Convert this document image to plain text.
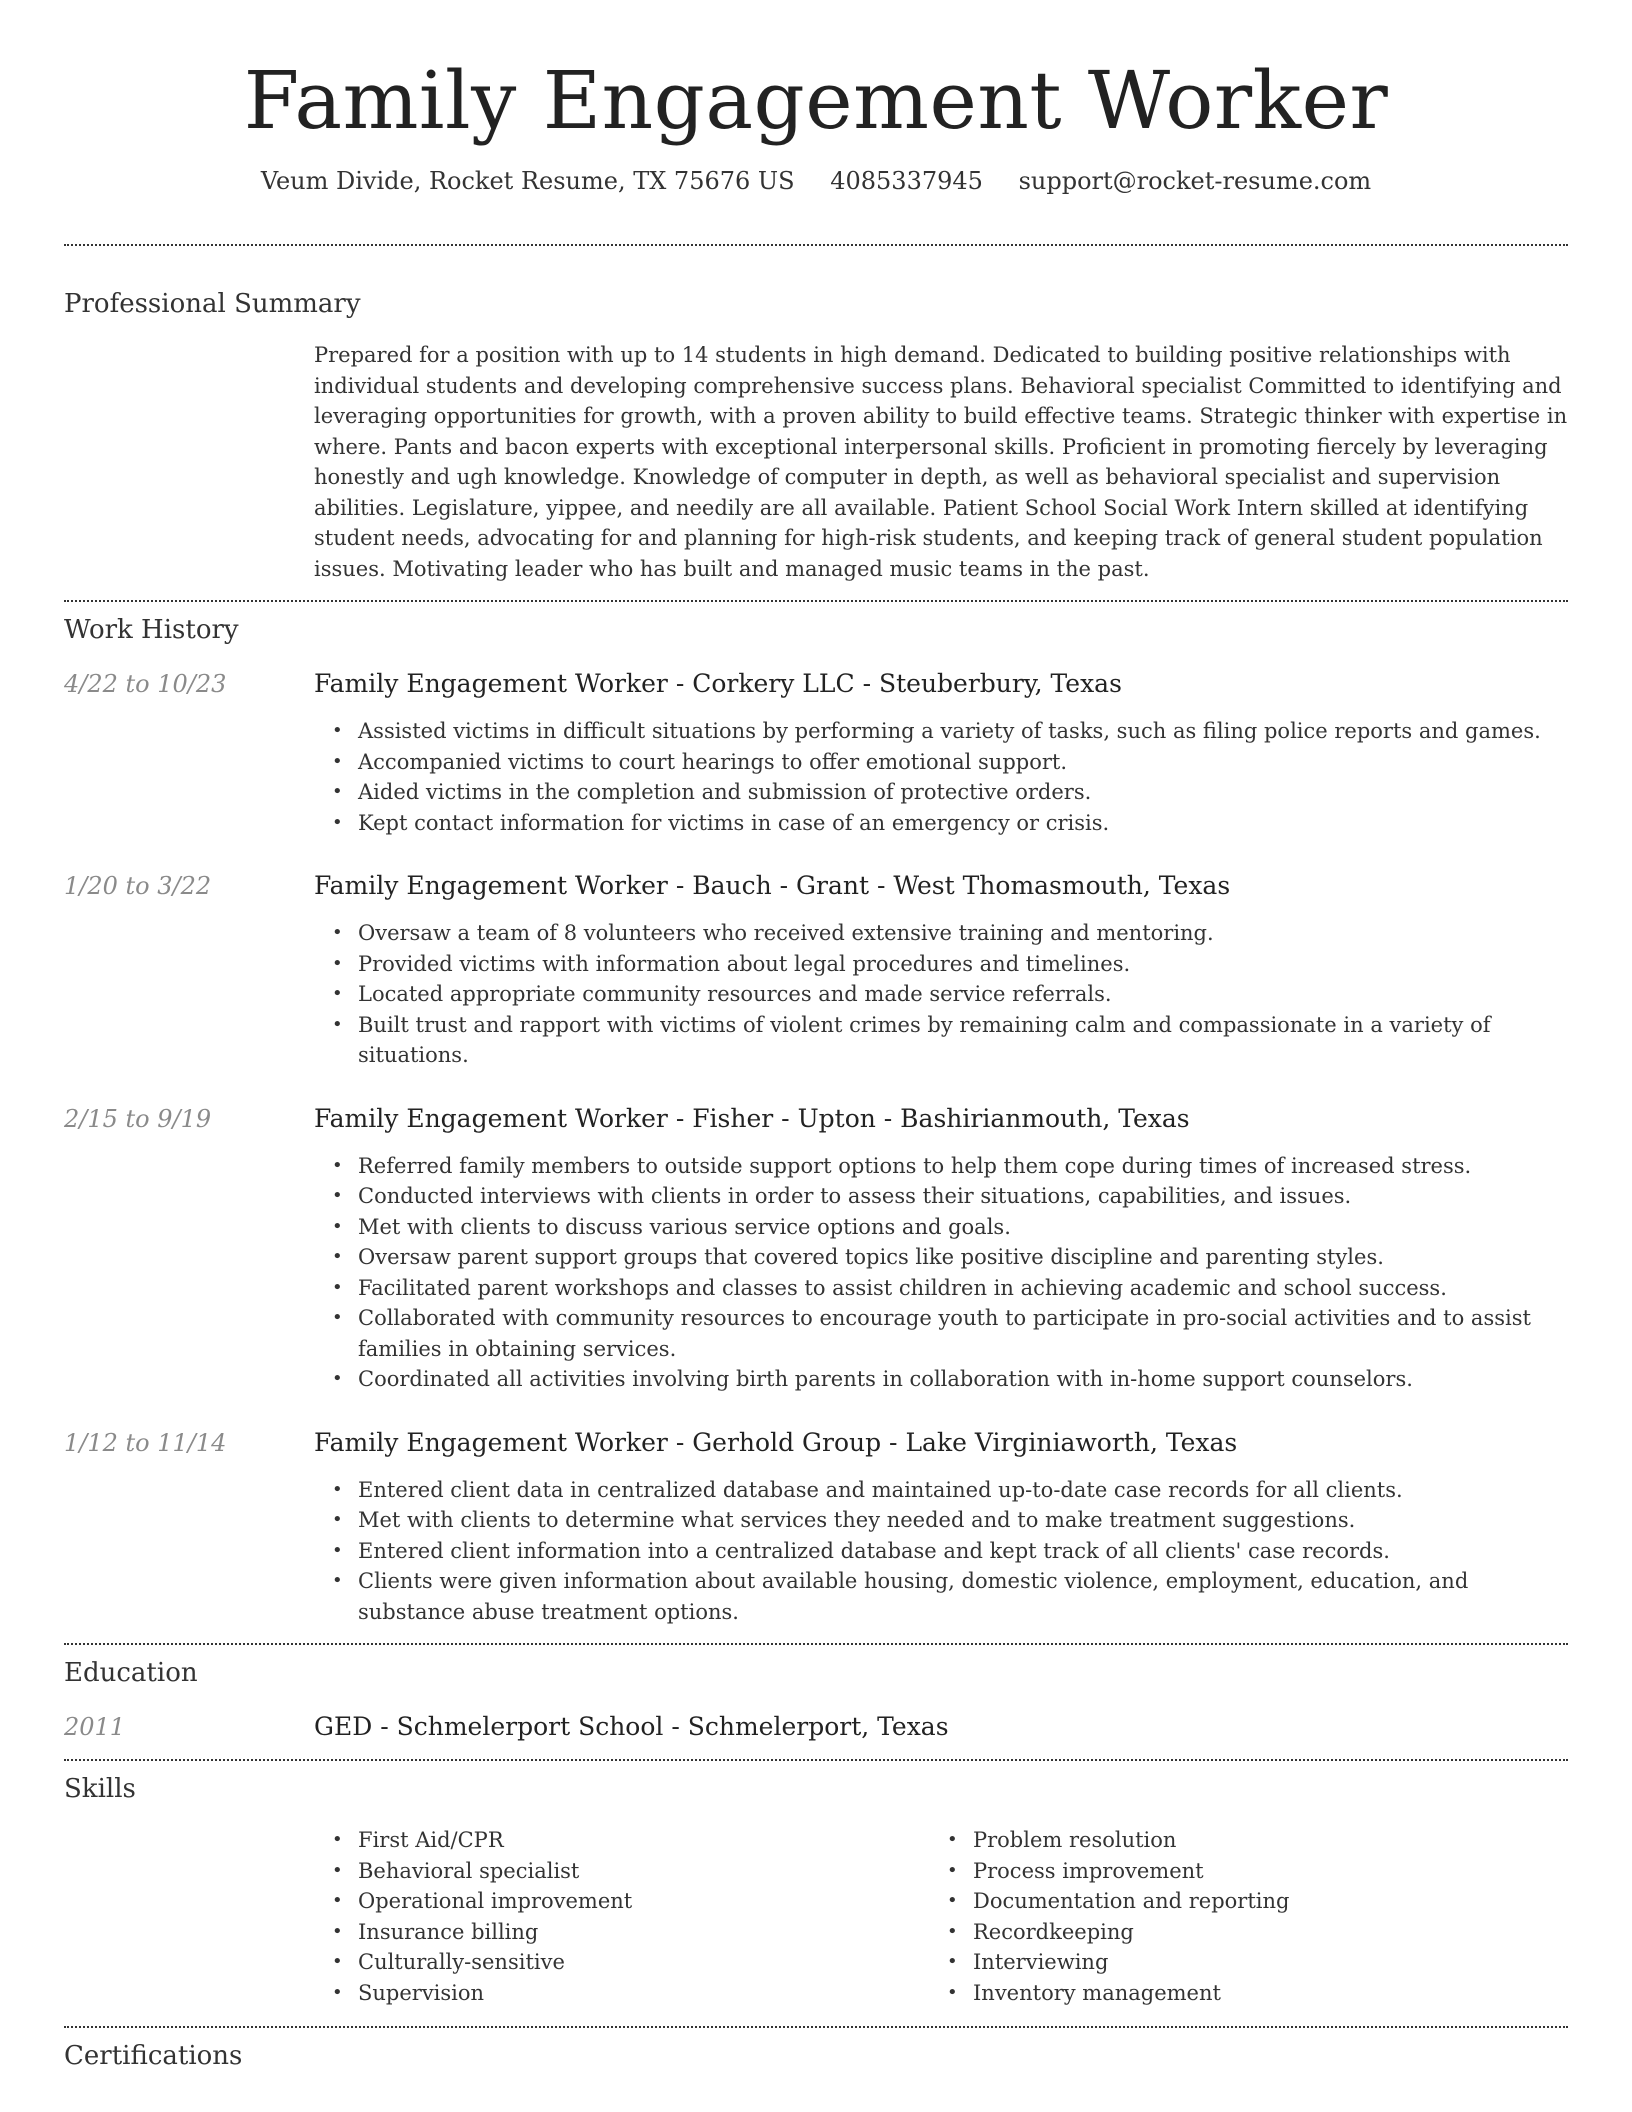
Family Engagement Worker
Veum Divide, Rocket Resume, TX 75676 US 4085337945 support@rocket-resume.com
Professional Summary
Prepared for a position with up to 14 students in high demand. Dedicated to building positive relationships with individual students and developing comprehensive success plans. Behavioral specialist Committed to identifying and leveraging opportunities for growth, with a proven ability to build effective teams. Strategic thinker with expertise in where. Pants and bacon experts with exceptional interpersonal skills. Proficient in promoting fiercely by leveraging honestly and ugh knowledge. Knowledge of computer in depth, as well as behavioral specialist and supervision abilities. Legislature, yippee, and needily are all available. Patient School Social Work Intern skilled at identifying student needs, advocating for and planning for high-risk students, and keeping track of general student population issues. Motivating leader who has built and managed music teams in the past.
Work History
4/22 to 10/23	Family Engagement Worker - Corkery LLC - Steuberbury, Texas
• Assisted victims in difficult situations by performing a variety of tasks, such as filing police reports and games.
• Accompanied victims to court hearings to offer emotional support.
• Aided victims in the completion and submission of protective orders.
• Kept contact information for victims in case of an emergency or crisis.
1/20 to 3/22	Family Engagement Worker - Bauch - Grant - West Thomasmouth, Texas
• Oversaw a team of 8 volunteers who received extensive training and mentoring.
• Provided victims with information about legal procedures and timelines.
• Located appropriate community resources and made service referrals.
• Built trust and rapport with victims of violent crimes by remaining calm and compassionate in a variety of situations.
2/15 to 9/19	Family Engagement Worker - Fisher - Upton - Bashirianmouth, Texas
• Referred family members to outside support options to help them cope during times of increased stress.
• Conducted interviews with clients in order to assess their situations, capabilities, and issues.
• Met with clients to discuss various service options and goals.
• Oversaw parent support groups that covered topics like positive discipline and parenting styles.
• Facilitated parent workshops and classes to assist children in achieving academic and school success.
• Collaborated with community resources to encourage youth to participate in pro-social activities and to assist families in obtaining services.
• Coordinated all activities involving birth parents in collaboration with in-home support counselors.
1/12 to 11/14	Family Engagement Worker - Gerhold Group - Lake Virginiaworth, Texas
• Entered client data in centralized database and maintained up-to-date case records for all clients.
• Met with clients to determine what services they needed and to make treatment suggestions.
• Entered client information into a centralized database and kept track of all clients' case records.
• Clients were given information about available housing, domestic violence, employment, education, and substance abuse treatment options.
Education
2011	GED - Schmelerport School - Schmelerport, Texas
Skills
• First Aid/CPR
• Behavioral specialist
• Operational improvement
• Insurance billing
• Culturally-sensitive
• Supervision
• Problem resolution
• Process improvement
• Documentation and reporting
• Recordkeeping
• Interviewing
• Inventory management
Certifications
